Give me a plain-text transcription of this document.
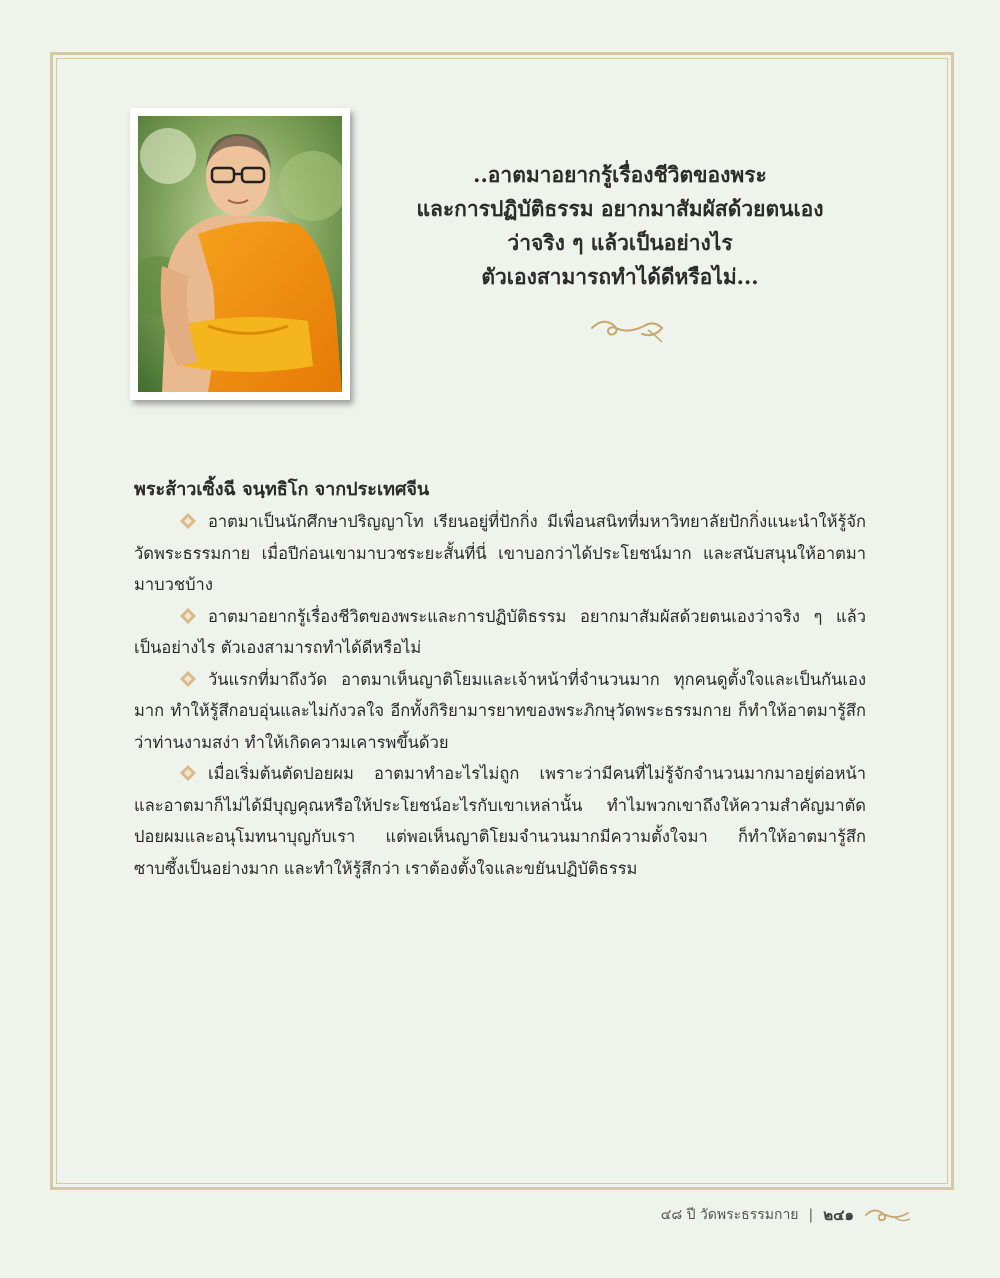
..อาตมาอยากรู้เรื่องชีวิตของพระ
และการปฏิบัติธรรม อยากมาสัมผัสด้วยตนเอง
ว่าจริง ๆ แล้วเป็นอย่างไร
ตัวเองสามารถทำได้ดีหรือไม่...
พระส้าวเซิ้งฉี จนฺทธิโก จากประเทศจีน

อาตมาเป็นนักศึกษาปริญญาโท เรียนอยู่ที่ปักกิ่ง มีเพื่อนสนิทที่มหาวิทยาลัยปักกิ่งแนะนำให้รู้จักวัดพระธรรมกาย เมื่อปีก่อนเขามาบวชระยะสั้นที่นี่ เขาบอกว่าได้ประโยชน์มาก และสนับสนุนให้อาตมามาบวชบ้าง

อาตมาอยากรู้เรื่องชีวิตของพระและการปฏิบัติธรรม อยากมาสัมผัสด้วยตนเองว่าจริง ๆ แล้วเป็นอย่างไร ตัวเองสามารถทำได้ดีหรือไม่

วันแรกที่มาถึงวัด อาตมาเห็นญาติโยมและเจ้าหน้าที่จำนวนมาก ทุกคนดูตั้งใจและเป็นกันเองมาก ทำให้รู้สึกอบอุ่นและไม่กังวลใจ อีกทั้งกิริยามารยาทของพระภิกษุวัดพระธรรมกาย ก็ทำให้อาตมารู้สึกว่าท่านงามสง่า ทำให้เกิดความเคารพขึ้นด้วย

เมื่อเริ่มต้นตัดปอยผม อาตมาทำอะไรไม่ถูก เพราะว่ามีคนที่ไม่รู้จักจำนวนมากมาอยู่ต่อหน้า และอาตมาก็ไม่ได้มีบุญคุณหรือให้ประโยชน์อะไรกับเขาเหล่านั้น ทำไมพวกเขาถึงให้ความสำคัญมาตัดปอยผมและอนุโมทนาบุญกับเรา แต่พอเห็นญาติโยมจำนวนมากมีความตั้งใจมา ก็ทำให้อาตมารู้สึกซาบซึ้งเป็นอย่างมาก และทำให้รู้สึกว่า เราต้องตั้งใจและขยันปฏิบัติธรรม

๔๘ ปี วัดพระธรรมกาย | ๒๔๑
